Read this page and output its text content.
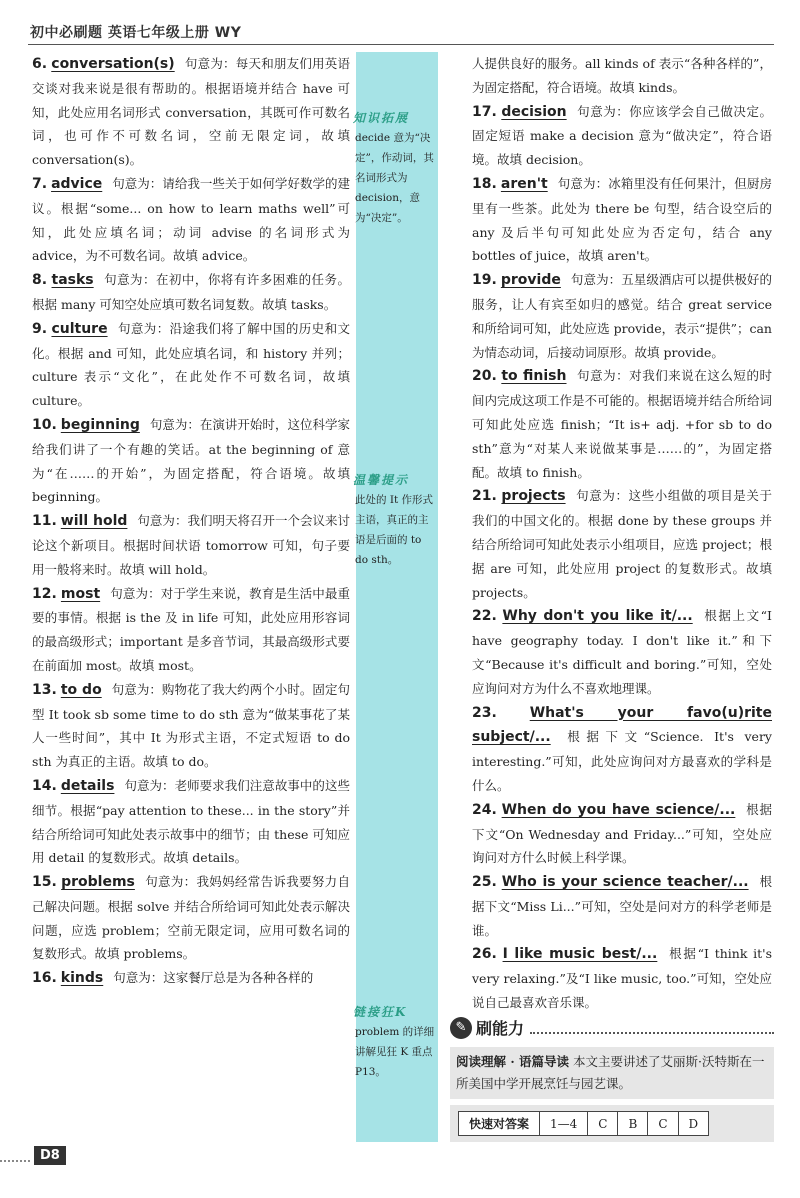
初中必刷题 英语七年级上册 WY
6. conversation(s) 句意为：每天和朋友们用英语交谈对我来说是很有帮助的。根据语境并结合 have 可知，此处应用名词形式 conversation，其既可作可数名词，也可作不可数名词，空前无限定词，故填 conversation(s)。
7. advice 句意为：请给我一些关于如何学好数学的建议。根据“some... on how to learn maths well”可知，此处应填名词；动词 advise 的名词形式为 advice，为不可数名词。故填 advice。
8. tasks 句意为：在初中，你将有许多困难的任务。根据 many 可知空处应填可数名词复数。故填 tasks。
9. culture 句意为：沿途我们将了解中国的历史和文化。根据 and 可知，此处应填名词，和 history 并列；culture 表示“文化”，在此处作不可数名词，故填 culture。
10. beginning 句意为：在演讲开始时，这位科学家给我们讲了一个有趣的笑话。at the beginning of 意为“在……的开始”，为固定搭配，符合语境。故填 beginning。
11. will hold 句意为：我们明天将召开一个会议来讨论这个新项目。根据时间状语 tomorrow 可知，句子要用一般将来时。故填 will hold。
12. most 句意为：对于学生来说，教育是生活中最重要的事情。根据 is the 及 in life 可知，此处应用形容词的最高级形式；important 是多音节词，其最高级形式要在前面加 most。故填 most。
13. to do 句意为：购物花了我大约两个小时。固定句型 It took sb some time to do sth 意为“做某事花了某人一些时间”，其中 It 为形式主语，不定式短语 to do sth 为真正的主语。故填 to do。
14. details 句意为：老师要求我们注意故事中的这些细节。根据“pay attention to these... in the story”并结合所给词可知此处表示故事中的细节；由 these 可知应用 detail 的复数形式。故填 details。
15. problems 句意为：我妈妈经常告诉我要努力自己解决问题。根据 solve 并结合所给词可知此处表示解决问题，应选 problem；空前无限定词，应用可数名词的复数形式。故填 problems。
16. kinds 句意为：这家餐厅总是为各种各样的
人提供良好的服务。all kinds of 表示“各种各样的”，为固定搭配，符合语境。故填 kinds。
17. decision 句意为：你应该学会自己做决定。固定短语 make a decision 意为“做决定”，符合语境。故填 decision。
18. aren't 句意为：冰箱里没有任何果汁，但厨房里有一些茶。此处为 there be 句型，结合设空后的 any 及后半句可知此处应为否定句，结合 any bottles of juice，故填 aren't。
19. provide 句意为：五星级酒店可以提供极好的服务，让人有宾至如归的感觉。结合 great service 和所给词可知，此处应选 provide，表示“提供”；can 为情态动词，后接动词原形。故填 provide。
20. to finish 句意为：对我们来说在这么短的时间内完成这项工作是不可能的。根据语境并结合所给词可知此处应选 finish；“It is+ adj. +for sb to do sth”意为“对某人来说做某事是……的”，为固定搭配。故填 to finish。
21. projects 句意为：这些小组做的项目是关于我们的中国文化的。根据 done by these groups 并结合所给词可知此处表示小组项目，应选 project；根据 are 可知，此处应用 project 的复数形式。故填 projects。
22. Why don't you like it/... 根据上文“I have geography today. I don't like it.”和下文“Because it's difficult and boring.”可知，空处应询问对方为什么不喜欢地理课。
23. What's your favo(u)rite subject/... 根据下文“Science. It's very interesting.”可知，此处应询问对方最喜欢的学科是什么。
24. When do you have science/... 根据下文“On Wednesday and Friday...”可知，空处应询问对方什么时候上科学课。
25. Who is your science teacher/... 根据下文“Miss Li...”可知，空处是问对方的科学老师是谁。
26. I like music best/... 根据“I think it's very relaxing.”及“I like music, too.”可知，空处应说自己最喜欢音乐课。
知识拓展
decide 意为“决定”，作动词，其名词形式为 decision，意为“决定”。
温馨提示
此处的 It 作形式主语，真正的主语是后面的 to do sth。
链接狂K
problem 的详细讲解见狂 K 重点 P13。
✎ 刷能力
阅读理解 · 语篇导读 本文主要讲述了艾丽斯·沃特斯在一所美国中学开展烹饪与园艺课。
快速对答案	1—4	C	B	C	D
D8
